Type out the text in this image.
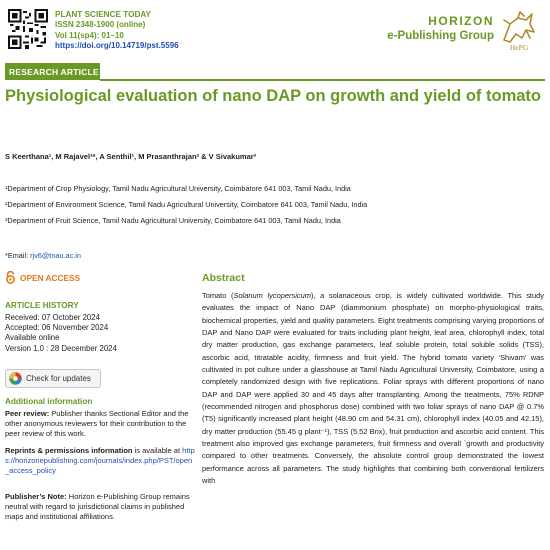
PLANT SCIENCE TODAY
ISSN 2348-1900 (online)
Vol 11(sp4): 01–10
https://doi.org/10.14719/pst.5596
HORIZON
e-Publishing Group
HePG
RESEARCH ARTICLE
Physiological evaluation of nano DAP on growth and yield of tomato
S Keerthana¹, M Rajavel¹*, A Senthil¹, M Prasanthrajan² & V Sivakumar³
¹Department of Crop Physiology, Tamil Nadu Agricultural University, Coimbatore 641 003, Tamil Nadu, India
²Department of Environment Science, Tamil Nadu Agricultural University, Coimbatore 641 003, Tamil Nadu, India
³Department of Fruit Science, Tamil Nadu Agricultural University, Coimbatore 641 003, Tamil Nadu, India
*Email: rjv6@tnau.ac.in
OPEN ACCESS
ARTICLE HISTORY
Received: 07 October 2024
Accepted: 06 November 2024
Available online
Version 1.0 : 28 December 2024
Check for updates
Additional information
Peer review: Publisher thanks Sectional Editor and the other anonymous reviewers for their contribution to the peer review of this work.
Reprints & permissions information is available at https://horizonepublishing.com/journals/index.php/PST/open_access_policy
Publisher’s Note: Horizon e-Publishing Group remains neutral with regard to jurisdictional claims in published maps and institutional affiliations.
Abstract

Tomato (Solanum lycopersicum), a solanaceous crop, is widely cultivated worldwide. This study evaluates the impact of Nano DAP (diammonium phosphate) on morpho-physiological traits, biochemical properties, yield and quality parameters. Eight treatments comprising varying proportions of DAP and Nano DAP were evaluated for traits including plant height, leaf area, chlorophyll index, total dry matter production, gas exchange parameters, leaf soluble protein, total soluble solids (TSS), ascorbic acid, titratable acidity, firmness and fruit yield. The hybrid tomato variety ‘Shivam’ was cultivated in pot culture under a glasshouse at Tamil Nadu Agricultural University, Coimbatore, using a completely randomized design with five replications. Foliar sprays with different proportions of nano DAP and DAP were applied 30 and 45 days after transplanting. Among the treatments, 75% RDNP (recommended nitrogen and phosphorus dose) combined with two foliar sprays of nano DAP @ 0.7% (T5) significantly increased plant height (48.90 cm and 54.31 cm), chlorophyll index (40.05 and 42.15), dry matter production (55.45 g plant⁻¹), TSS (5.52 Brix), fruit production and ascorbic acid content. This treatment also improved gas exchange parameters, fruit firmness and overall `growth and productivity compared to other treatments. Conversely, the absolute control group demonstrated the lowest performance across all parameters. The study highlights that combining both conventional fertilizers with
